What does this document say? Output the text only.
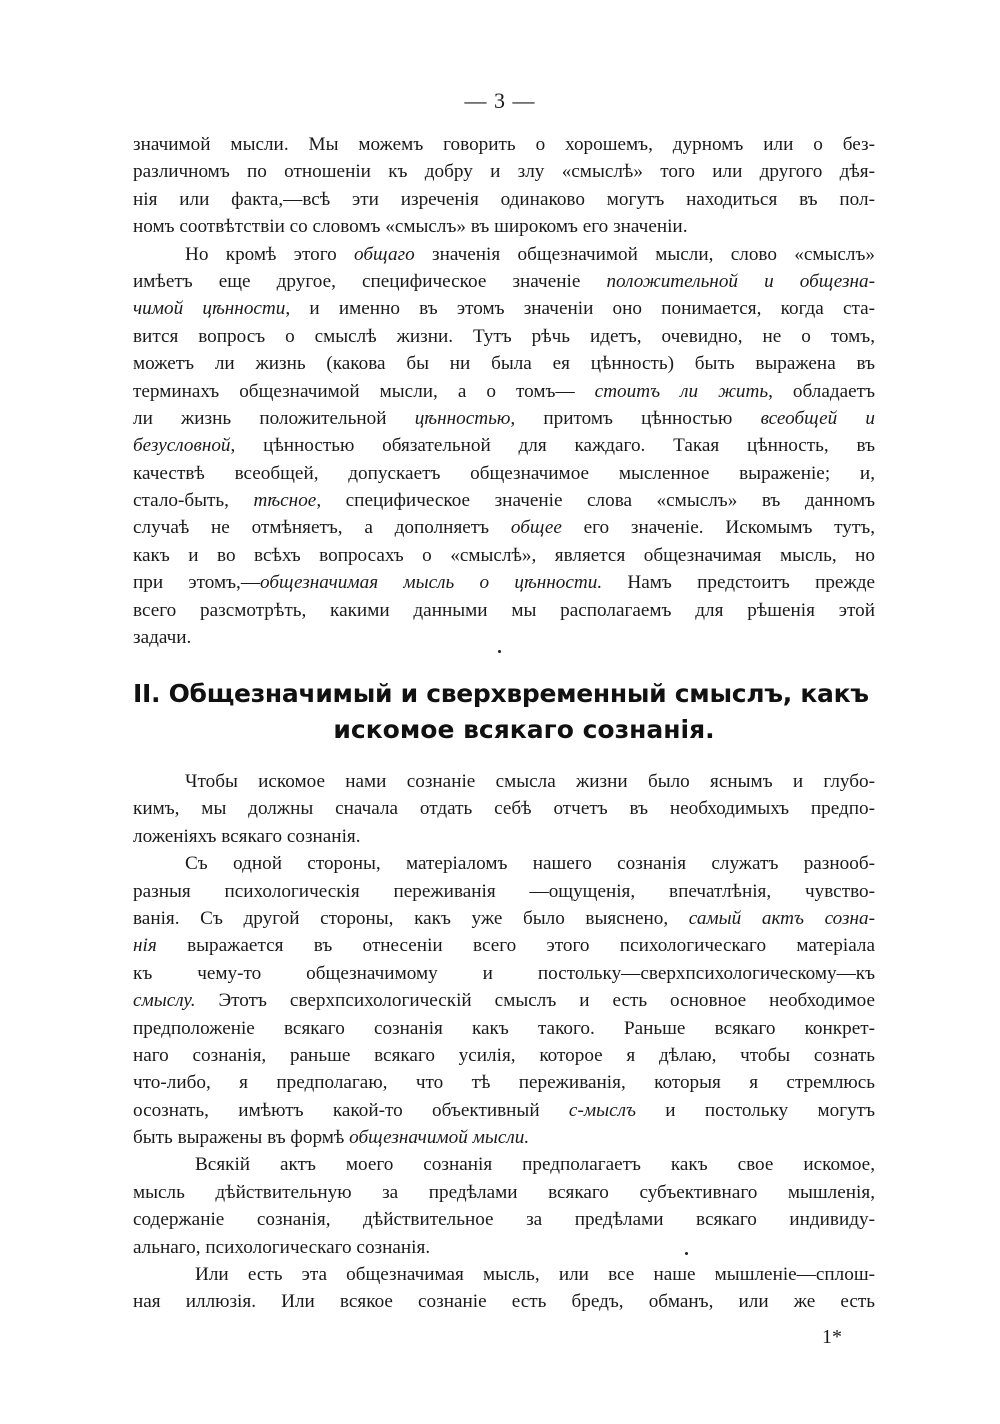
— 3 —
значимой мысли. Мы можемъ говорить о хорошемъ, дурномъ или о без-
различномъ по отношенiи къ добру и злу «смыслѣ» того или другого дѣя-
нiя или факта,—всѣ эти изреченiя одинаково могутъ находиться въ пол-
номъ соотвѣтствiи со словомъ «смыслъ» въ широкомъ его значенiи.
Но кромѣ этого общаго значенiя общезначимой мысли, слово «смыслъ»
имѣетъ еще другое, специфическое значенiе положительной и общезна-
чимой цѣнности, и именно въ этомъ значенiи оно понимается, когда ста-
вится вопросъ о смыслѣ жизни. Тутъ рѣчь идетъ, очевидно, не о томъ,
можетъ ли жизнь (какова бы ни была ея цѣнность) быть выражена въ
терминахъ общезначимой мысли, а о томъ— стоитъ ли жить, обладаетъ
ли жизнь положительной цѣнностью, притомъ цѣнностью всеобщей и
безусловной, цѣнностью обязательной для каждаго. Такая цѣнность, въ
качествѣ всеобщей, допускаетъ общезначимое мысленное выраженiе; и,
стало-быть, тѣсное, специфическое значенiе слова «смыслъ» въ данномъ
случаѣ не отмѣняетъ, а дополняетъ общее его значенiе. Искомымъ тутъ,
какъ и во всѣхъ вопросахъ о «смыслѣ», является общезначимая мысль, но
при этомъ,—общезначимая мысль о цѣнности. Намъ предстоитъ прежде
всего разсмотрѣть, какими данными мы располагаемъ для рѣшенiя этой
задачи.
II. Общезначимый и сверхвременный смыслъ, какъ
искомое всякаго сознанiя.
Чтобы искомое нами сознанiе смысла жизни было яснымъ и глубо-
кимъ, мы должны сначала отдать себѣ отчетъ въ необходимыхъ предпо-
ложенiяхъ всякаго сознанiя.
Съ одной стороны, матерiаломъ нашего сознанiя служатъ разнооб-
разныя психологическiя переживанiя —ощущенiя, впечатлѣнiя, чувство-
ванiя. Съ другой стороны, какъ уже было выяснено, самый актъ созна-
нiя выражается въ отнесенiи всего этого психологическаго матерiала
къ чему-то общезначимому и постольку—сверхпсихологическому—къ
смыслу. Этотъ сверхпсихологическiй смыслъ и есть основное необходимое
предположенiе всякаго сознанiя какъ такого. Раньше всякаго конкрет-
наго сознанiя, раньше всякаго усилiя, которое я дѣлаю, чтобы сознать
что-либо, я предполагаю, что тѣ переживанiя, которыя я стремлюсь
осознать, имѣютъ какой-то объективный с-мыслъ и постольку могутъ
быть выражены въ формѣ общезначимой мысли.
Всякiй актъ моего сознанiя предполагаетъ какъ свое искомое,
мысль дѣйствительную за предѣлами всякаго субъективнаго мышленiя,
содержанiе сознанiя, дѣйствительное за предѣлами всякаго индивиду-
альнаго, психологическаго сознанiя.
Или есть эта общезначимая мысль, или все наше мышленiе—сплош-
ная иллюзiя. Или всякое сознанiе есть бредъ, обманъ, или же есть
1*
